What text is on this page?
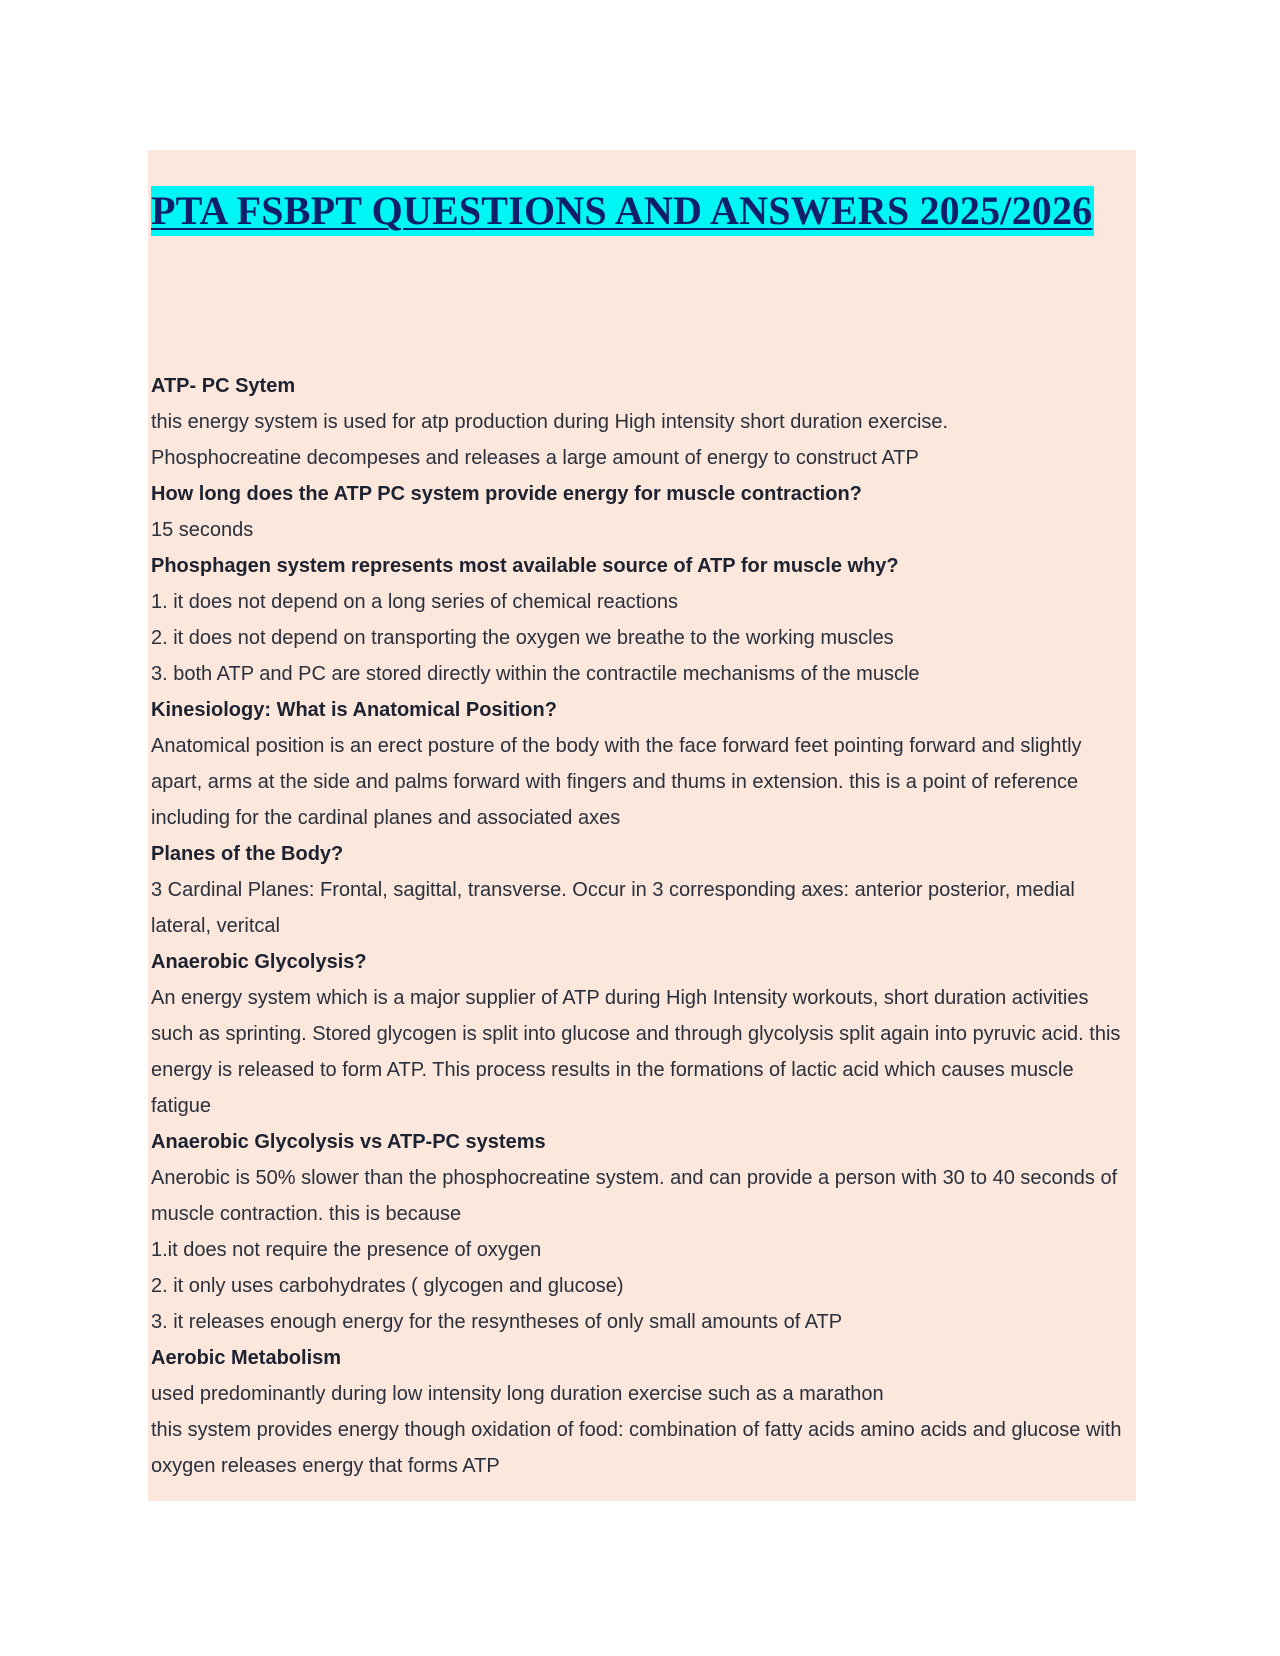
PTA FSBPT QUESTIONS AND ANSWERS 2025/2026

ATP- PC Sytem

this energy system is used for atp production during High intensity short duration exercise.

Phosphocreatine decompeses and releases a large amount of energy to construct ATP

How long does the ATP PC system provide energy for muscle contraction?

15 seconds

Phosphagen system represents most available source of ATP for muscle why?

1. it does not depend on a long series of chemical reactions

2. it does not depend on transporting the oxygen we breathe to the working muscles

3. both ATP and PC are stored directly within the contractile mechanisms of the muscle

Kinesiology: What is Anatomical Position?

Anatomical position is an erect posture of the body with the face forward feet pointing forward and slightly apart, arms at the side and palms forward with fingers and thums in extension. this is a point of reference including for the cardinal planes and associated axes

Planes of the Body?

3 Cardinal Planes: Frontal, sagittal, transverse. Occur in 3 corresponding axes: anterior posterior, medial lateral, veritcal

Anaerobic Glycolysis?

An energy system which is a major supplier of ATP during High Intensity workouts, short duration activities such as sprinting. Stored glycogen is split into glucose and through glycolysis split again into pyruvic acid. this energy is released to form ATP. This process results in the formations of lactic acid which causes muscle fatigue

Anaerobic Glycolysis vs ATP-PC systems

Anerobic is 50% slower than the phosphocreatine system. and can provide a person with 30 to 40 seconds of muscle contraction. this is because

1.it does not require the presence of oxygen

2. it only uses carbohydrates ( glycogen and glucose)

3. it releases enough energy for the resyntheses of only small amounts of ATP

Aerobic Metabolism

used predominantly during low intensity long duration exercise such as a marathon

this system provides energy though oxidation of food: combination of fatty acids amino acids and glucose with oxygen releases energy that forms ATP
